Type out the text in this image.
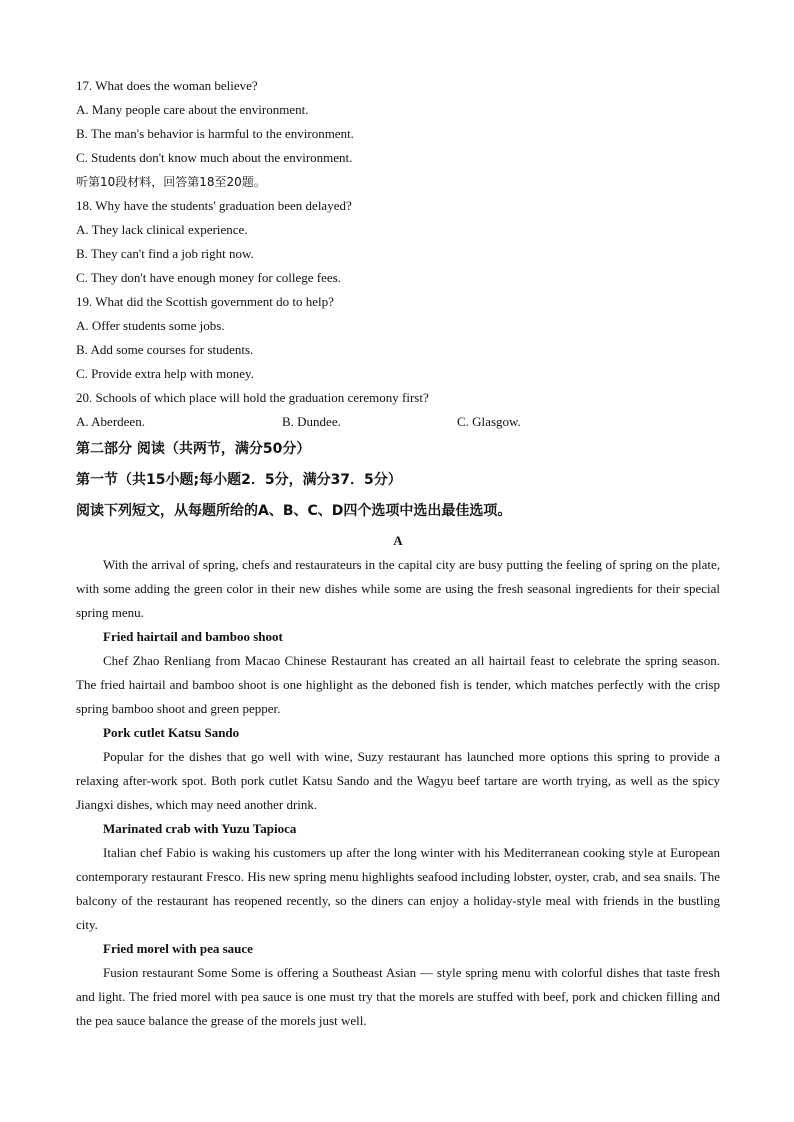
17. What does the woman believe?
A. Many people care about the environment.
B. The man's behavior is harmful to the environment.
C. Students don't know much about the environment.
听第10段材料，回答第18至20题。
18. Why have the students' graduation been delayed?
A. They lack clinical experience.
B. They can't find a job right now.
C. They don't have enough money for college fees.
19. What did the Scottish government do to help?
A. Offer students some jobs.
B. Add some courses for students.
C. Provide extra help with money.
20. Schools of which place will hold the graduation ceremony first?
A. Aberdeen.	B. Dundee.	C. Glasgow.
第二部分 阅读（共两节，满分50分）
第一节（共15小题;每小题2．5分，满分37．5分）
阅读下列短文，从每题所给的A、B、C、D四个选项中选出最佳选项。
A

With the arrival of spring, chefs and restaurateurs in the capital city are busy putting the feeling of spring on the plate, with some adding the green color in their new dishes while some are using the fresh seasonal ingredients for their special spring menu.

Fried hairtail and bamboo shoot

Chef Zhao Renliang from Macao Chinese Restaurant has created an all hairtail feast to celebrate the spring season. The fried hairtail and bamboo shoot is one highlight as the deboned fish is tender, which matches perfectly with the crisp spring bamboo shoot and green pepper.

Pork cutlet Katsu Sando

Popular for the dishes that go well with wine, Suzy restaurant has launched more options this spring to provide a relaxing after-work spot. Both pork cutlet Katsu Sando and the Wagyu beef tartare are worth trying, as well as the spicy Jiangxi dishes, which may need another drink.

Marinated crab with Yuzu Tapioca

Italian chef Fabio is waking his customers up after the long winter with his Mediterranean cooking style at European contemporary restaurant Fresco. His new spring menu highlights seafood including lobster, oyster, crab, and sea snails. The balcony of the restaurant has reopened recently, so the diners can enjoy a holiday-style meal with friends in the bustling city.

Fried morel with pea sauce

Fusion restaurant Some Some is offering a Southeast Asian — style spring menu with colorful dishes that taste fresh and light. The fried morel with pea sauce is one must try that the morels are stuffed with beef, pork and chicken filling and the pea sauce balance the grease of the morels just well.
